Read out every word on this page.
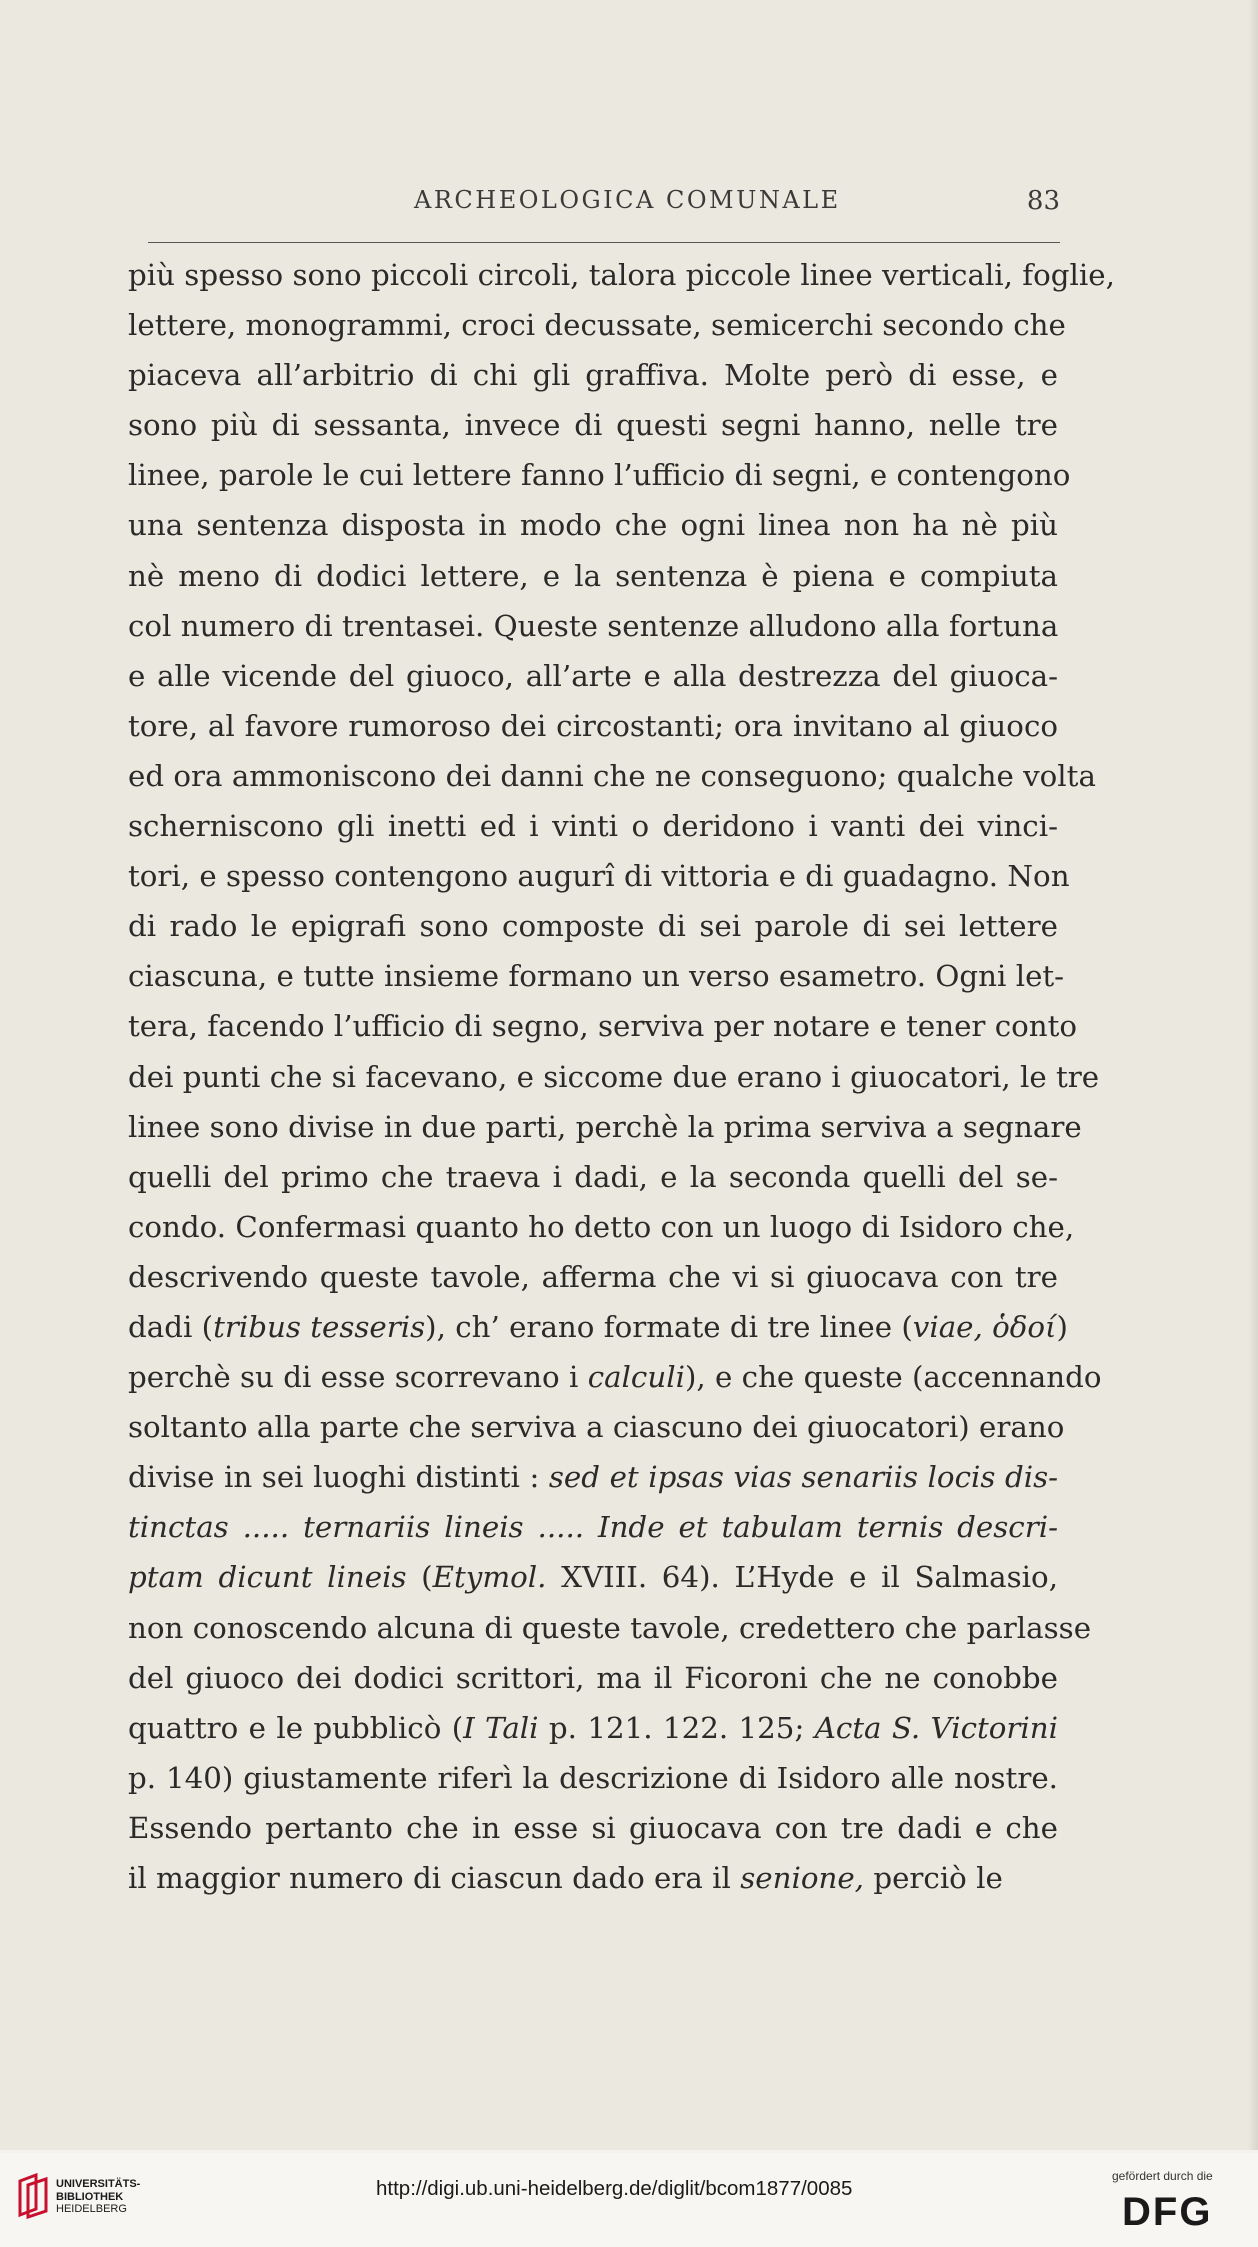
ARCHEOLOGICA COMUNALE	83
più spesso sono piccoli circoli, talora piccole linee verticali, foglie,
lettere, monogrammi, croci decussate, semicerchi secondo che
piaceva all’arbitrio di chi gli graffiva. Molte però di esse, e
sono più di sessanta, invece di questi segni hanno, nelle tre
linee, parole le cui lettere fanno l’ufficio di segni, e contengono
una sentenza disposta in modo che ogni linea non ha nè più
nè meno di dodici lettere, e la sentenza è piena e compiuta
col numero di trentasei. Queste sentenze alludono alla fortuna
e alle vicende del giuoco, all’arte e alla destrezza del giuoca-
tore, al favore rumoroso dei circostanti; ora invitano al giuoco
ed ora ammoniscono dei danni che ne conseguono; qualche volta
scherniscono gli inetti ed i vinti o deridono i vanti dei vinci-
tori, e spesso contengono augurî di vittoria e di guadagno. Non
di rado le epigrafi sono composte di sei parole di sei lettere
ciascuna, e tutte insieme formano un verso esametro. Ogni let-
tera, facendo l’ufficio di segno, serviva per notare e tener conto
dei punti che si facevano, e siccome due erano i giuocatori, le tre
linee sono divise in due parti, perchè la prima serviva a segnare
quelli del primo che traeva i dadi, e la seconda quelli del se-
condo. Confermasi quanto ho detto con un luogo di Isidoro che,
descrivendo queste tavole, afferma che vi si giuocava con tre
dadi (tribus tesseris), ch’ erano formate di tre linee (viae, ὁδοί)
perchè su di esse scorrevano i calculi), e che queste (accennando
soltanto alla parte che serviva a ciascuno dei giuocatori) erano
divise in sei luoghi distinti : sed et ipsas vias senariis locis dis-
tinctas ..... ternariis lineis ..... Inde et tabulam ternis descri-
ptam dicunt lineis (Etymol. XVIII. 64). L’Hyde e il Salmasio,
non conoscendo alcuna di queste tavole, credettero che parlasse
del giuoco dei dodici scrittori, ma il Ficoroni che ne conobbe
quattro e le pubblicò (I Tali p. 121. 122. 125; Acta S. Victorini
p. 140) giustamente riferì la descrizione di Isidoro alle nostre.
Essendo pertanto che in esse si giuocava con tre dadi e che
il maggior numero di ciascun dado era il senione, perciò le
UNIVERSITÄTS-
BIBLIOTHEK
HEIDELBERG
http://digi.ub.uni-heidelberg.de/diglit/bcom1877/0085
gefördert durch die
DFG
